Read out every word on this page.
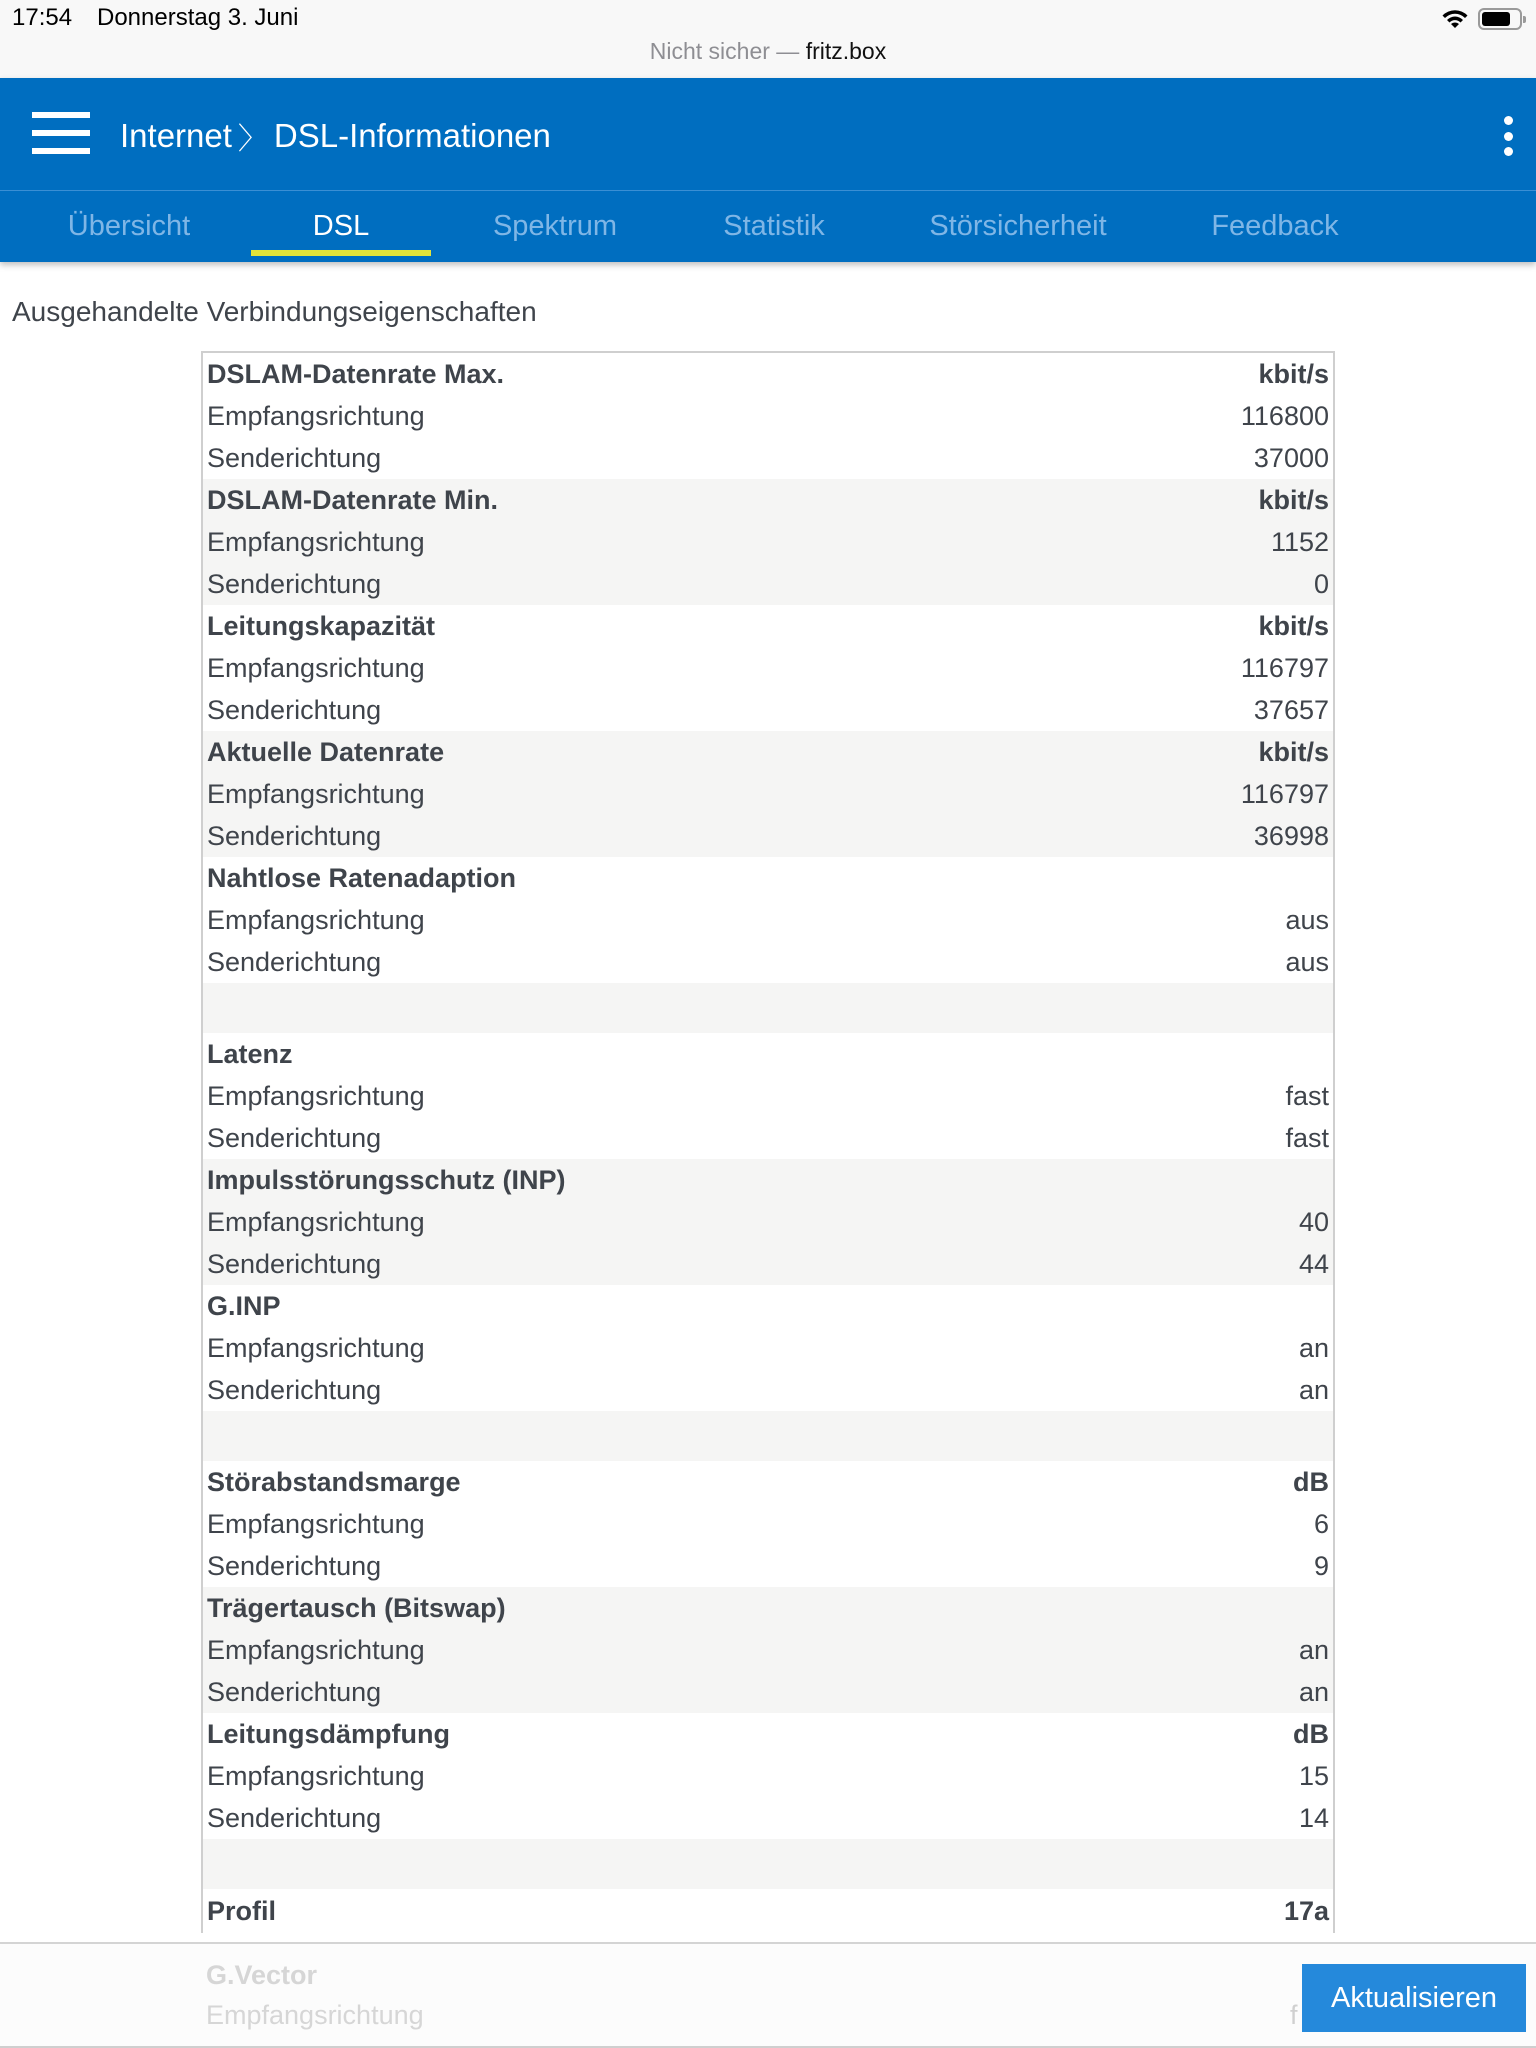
17:54 Donnerstag 3. Juni
Nicht sicher — fritz.box
Internet 〉 DSL-Informationen
Übersicht	DSL	Spektrum	Statistik	Störsicherheit	Feedback
Ausgehandelte Verbindungseigenschaften
DSLAM-Datenrate Max.	kbit/s
Empfangsrichtung	116800
Senderichtung	37000
DSLAM-Datenrate Min.	kbit/s
Empfangsrichtung	1152
Senderichtung	0
Leitungskapazität	kbit/s
Empfangsrichtung	116797
Senderichtung	37657
Aktuelle Datenrate	kbit/s
Empfangsrichtung	116797
Senderichtung	36998
Nahtlose Ratenadaption
Empfangsrichtung	aus
Senderichtung	aus
Latenz
Empfangsrichtung	fast
Senderichtung	fast
Impulsstörungsschutz (INP)
Empfangsrichtung	40
Senderichtung	44
G.INP
Empfangsrichtung	an
Senderichtung	an
Störabstandsmarge	dB
Empfangsrichtung	6
Senderichtung	9
Trägertausch (Bitswap)
Empfangsrichtung	an
Senderichtung	an
Leitungsdämpfung	dB
Empfangsrichtung	15
Senderichtung	14
Profil	17a
G.Vector
Empfangsrichtung	f
Aktualisieren
